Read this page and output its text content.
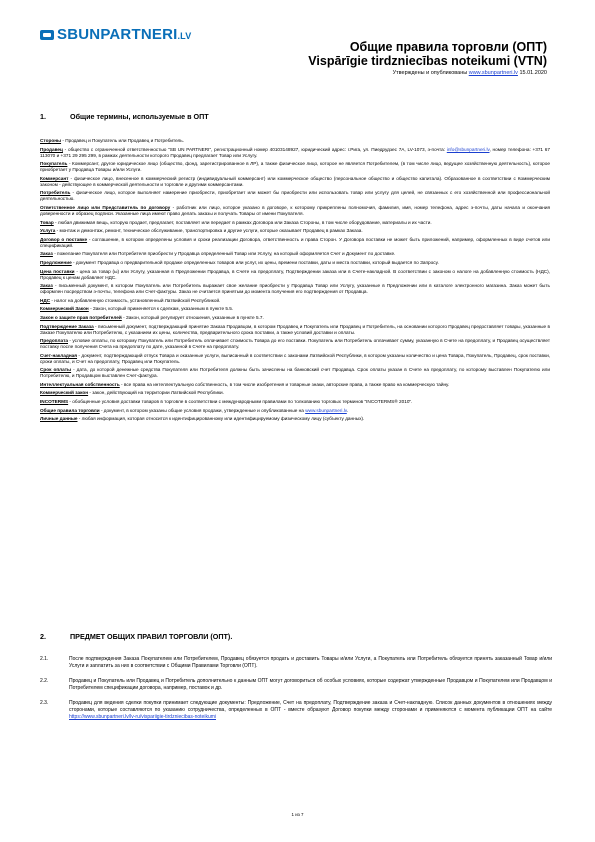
SBUNPARTNERI.LV
Общие правила торговли (ОПТ)
Vispārīgie tirdzniecības noteikumi (VTN)
Утверждены и опубликованы www.sbunpartneri.lv 15.01.2020
1.	Общие термины, используемые в ОПТ
Стороны - Продавец и Покупатель или Продавец и Потребитель.
Продавец - общество с ограниченной ответственностью "SB UN PARTNERI", регистрационный номер 40103148927, юридический адрес: г.Рига, ул. Пиедрудзес 7A, LV-1073, э-почта: info@sbunpartneri.lv, номер телефона: +371 67 113070 и +371 29 295 299, в рамках деятельности которого Продавец предлагает Товар или Услугу.
Покупатель - Коммерсант, другое юридическое лицо (общество, фонд, зарегистрированное в ЛР), а также физическое лицо, которое не является Потребителем, (в том числе лицо, ведущее хозяйственную деятельность), которое приобретает у Продавца Товары и/или Услуги.
Коммерсант - физическое лицо, внесенное в коммерческий регистр (индивидуальный коммерсант) или коммерческое общество (персональное общество и общество капитала). Образованное в соответствии с Коммерческим законом - действующее в коммерческой деятельности и торговле и другими коммерсантами.
Потребитель - физическое лицо, которое выполняет намерение приобрести, приобретает или может бы приобрести или использовать товар или услугу для целей, не связанных с его хозяйственной или профессиональной деятельностью.
Ответственное лицо или Представитель по договору - работник или лицо, которое указано в договоре, к которому прикреплены полномочия, фамилия, имя, номер телефона, адрес э-почты, даты начала и окончания доверенности и образец подписи. Указанные лица имеют право делать заказы и получать Товары от имени Покупателя.
Товар - любая движимая вещь, которую продает, предлагает, поставляет или передает в рамках Договора или Заказа Стороны, в том числе оборудование, материалы и их части.
Услуга - монтаж и демонтаж, ремонт, техническое обслуживание, транспортировка и другие услуги, которые оказывает Продавец в рамках Заказа.
Договор о поставке - соглашение, в котором определены условия и сроки реализации Договора, ответственность и права Сторон. У Договора поставки не может быть приложений, например, оформленных в виде счетов или спецификаций.
Заказ - пожелание Покупателя или Потребителя приобрести у Продавца определенный Товар или Услугу, на который оформляется Счет и Документ по доставке.
Предложение - документ Продавца о предварительной продаже определенных товаров или услуг, их цены, времени поставки, даты и места поставки, который выдается по Запросу.
Цена поставки - цена за товар (ы) или Услугу, указанная в Предложении Продавца, в Счете на предоплату, Подтверждении заказа или в Счете-накладной. В соответствии с законом о налоге на добавленную стоимость (НДС), Продавец к ценам добавляет НДС.
Заказ - письменный документ, в котором Покупатель или Потребитель выражает свое желание приобрести у Продавца Товар или Услугу, указанные в Предложении или в каталоге электронного магазина. Заказ может быть оформлен посредством э-почты, телефона или Счет-фактуры. Заказ не считается принятым до момента получения его подтверждения от Продавца.
НДС - налог на добавленную стоимость, установленный Латвийской Республикой.
Коммерческий Закон - Закон, который применяется к сделкам, указанным в пункте 5.5.
Закон о защите прав потребителей - Закон, который регулирует отношения, указанные в пункте 5.7.
Подтверждение Заказа - письменный документ, подтверждающий принятие Заказа Продавцом, в котором Продавец и Покупатель или Продавец и Потребитель, на основании которого Продавец предоставляет товары, указанные в Заказе Покупателю или Потребителю, с указанием их цены, количества, предварительного срока поставки, а также условий доставки и оплаты.
Предоплата - условие оплаты, по которому Покупатель или Потребитель оплачивает стоимость Товара до его поставки. Покупатель или Потребитель оплачивает сумму, указанную в Счете на предоплату, и Продавец осуществляет поставку после получения Счета на предоплату по дате, указанной в Счете на предоплату.
Счет-накладная - документ, подтверждающий отпуск Товара и оказанные услуги, выписанный в соответствии с законами Латвийской Республики, в котором указаны количество и цена Товара, Покупатель, Продавец, срок поставки, сроки оплаты, и Счет на предоплату, Продавец или Покупатель.
Срок оплаты - дата, до которой денежные средства Покупателя или Потребителя должны быть зачислены на банковский счет Продавца. Срок оплаты указан в Счете на предоплату, по которому выставлен Покупателю или Потребителю, и Продавцом выставлен Счет-фактура.
Интеллектуальная собственность - все права на интеллектуальную собственность, в том числе изобретения и товарные знаки, авторские права, а также право на коммерческую тайну.
Коммерческий закон - закон, действующий на территории Латвийской Республики.
INCOTERMS - обобщенные условия доставки товаров в торговле в соответствии с международными правилами по толкованию торговых терминов "INCOTERMS® 2010".
Общие правила торговли - документ, в котором указаны общие условия продажи, утвержденные и опубликованные на www.sbunpartneri.lv.
Личные данные - любая информация, которая относится к идентифицированному или идентифицируемому физическому лицу (субъекту данных).
2.	ПРЕДМЕТ ОБЩИХ ПРАВИЛ ТОРГОВЛИ (ОПТ).
2.1.	После подтверждения Заказа Покупателем или Потребителем, Продавец обязуется продать и доставить Товары и/или Услуги, а Покупатель или Потребитель обязуется принять заказанный Товар и/или Услуги и заплатить за них в соответствии с Общими Правилами Торговли (ОПТ).
2.2.	Продавец и Покупатель или Продавец и Потребитель дополнительно к данным ОПТ могут договориться об особых условиях, которые содержат утвержденные Продавцом и Покупателем или Продавцом и Потребителем спецификации договора, например, поставок и др.
2.3.	Продавец для ведения сделки покупки принимает следующие документы: Предложение, Счет на предоплату, Подтверждение заказа и Счет-накладную. Список данных документов в отношениях между сторонами, которые составляются по указанию сотрудничества, определенных в ОПТ - вместе образуют Договор покупки между сторонами и применяются с момента публикации ОПТ на сайте https://www.sbunpartneri.lv/lv-ru/vispariigie-tirdzniecibas-noteikumi
1 из 7
